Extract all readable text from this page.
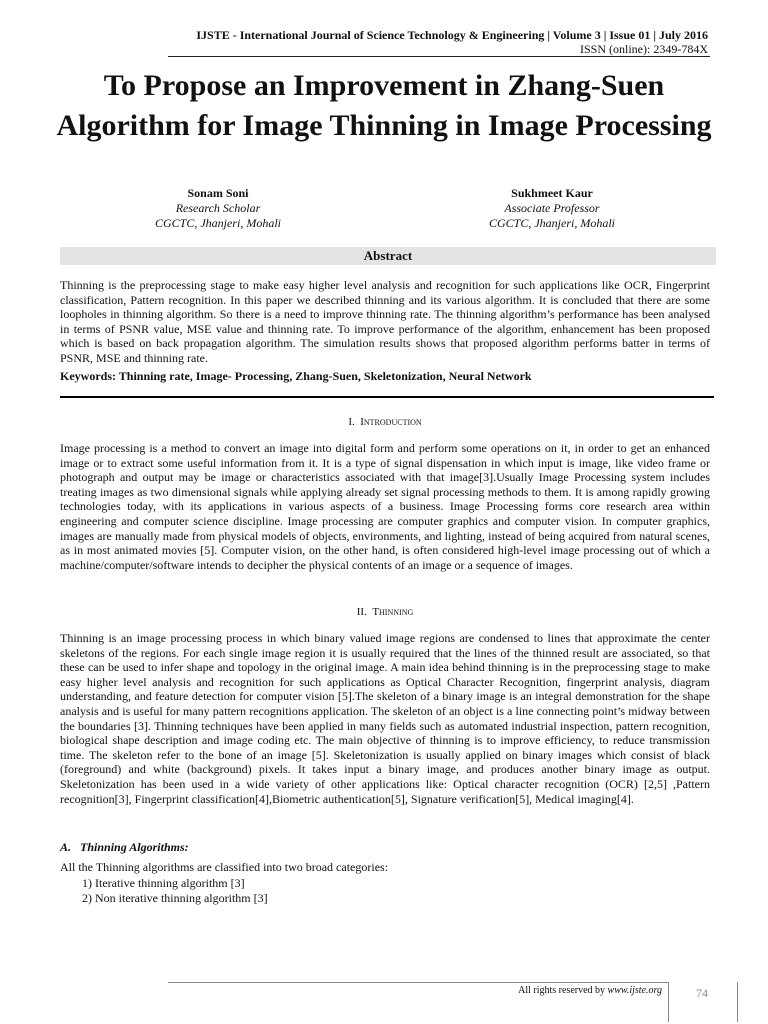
IJSTE - International Journal of Science Technology & Engineering | Volume 3 | Issue 01 | July 2016
ISSN (online): 2349-784X
To Propose an Improvement in Zhang-Suen Algorithm for Image Thinning in Image Processing
Sonam Soni
Research Scholar
CGCTC, Jhanjeri, Mohali
Sukhmeet Kaur
Associate Professor
CGCTC, Jhanjeri, Mohali
Abstract
Thinning is the preprocessing stage to make easy higher level analysis and recognition for such applications like OCR, Fingerprint classification, Pattern recognition. In this paper we described thinning and its various algorithm. It is concluded that there are some loopholes in thinning algorithm. So there is a need to improve thinning rate. The thinning algorithm’s performance has been analysed in terms of PSNR value, MSE value and thinning rate. To improve performance of the algorithm, enhancement has been proposed which is based on back propagation algorithm. The simulation results shows that proposed algorithm performs batter in terms of PSNR, MSE and thinning rate.
Keywords: Thinning rate, Image- Processing, Zhang-Suen, Skeletonization, Neural Network
I. Introduction
Image processing is a method to convert an image into digital form and perform some operations on it, in order to get an enhanced image or to extract some useful information from it. It is a type of signal dispensation in which input is image, like video frame or photograph and output may be image or characteristics associated with that image[3].Usually Image Processing system includes treating images as two dimensional signals while applying already set signal processing methods to them. It is among rapidly growing technologies today, with its applications in various aspects of a business. Image Processing forms core research area within engineering and computer science discipline. Image processing are computer graphics and computer vision. In computer graphics, images are manually made from physical models of objects, environments, and lighting, instead of being acquired from natural scenes, as in most animated movies [5]. Computer vision, on the other hand, is often considered high-level image processing out of which a machine/computer/software intends to decipher the physical contents of an image or a sequence of images.
II. Thinning
Thinning is an image processing process in which binary valued image regions are condensed to lines that approximate the center skeletons of the regions. For each single image region it is usually required that the lines of the thinned result are associated, so that these can be used to infer shape and topology in the original image. A main idea behind thinning is in the preprocessing stage to make easy higher level analysis and recognition for such applications as Optical Character Recognition, fingerprint analysis, diagram understanding, and feature detection for computer vision [5].The skeleton of a binary image is an integral demonstration for the shape analysis and is useful for many pattern recognitions application. The skeleton of an object is a line connecting point’s midway between the boundaries [3]. Thinning techniques have been applied in many fields such as automated industrial inspection, pattern recognition, biological shape description and image coding etc. The main objective of thinning is to improve efficiency, to reduce transmission time. The skeleton refer to the bone of an image [5]. Skeletonization is usually applied on binary images which consist of black (foreground) and white (background) pixels. It takes input a binary image, and produces another binary image as output. Skeletonization has been used in a wide variety of other applications like: Optical character recognition (OCR) [2,5] ,Pattern recognition[3], Fingerprint classification[4],Biometric authentication[5], Signature verification[5], Medical imaging[4].
A. Thinning Algorithms:
All the Thinning algorithms are classified into two broad categories:
1) Iterative thinning algorithm [3]
2) Non iterative thinning algorithm [3]
All rights reserved by www.ijste.org	74
